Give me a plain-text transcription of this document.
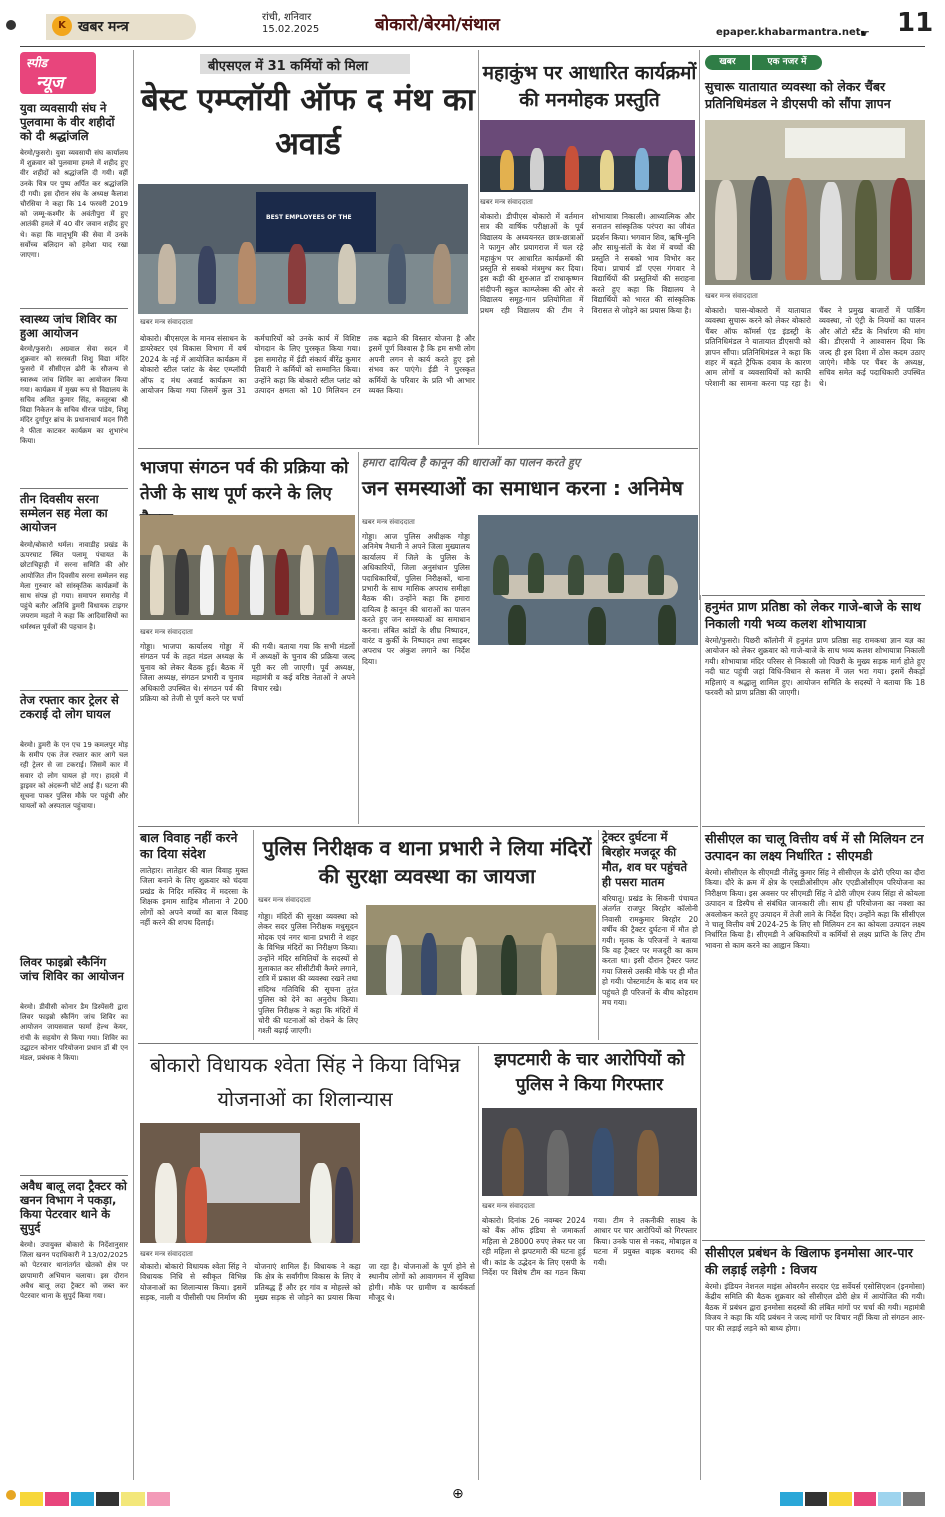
K खबर मन्त्र
रांची, शनिवार
15.02.2025	बोकारो/बेरमो/संथाल	epaper.khabarmantra.net ☛ 11
⊕
स्पीड
न्यूज
युवा व्यवसायी संघ ने पुलवामा के वीर शहीदों को दी श्रद्धांजलि
बेरमो/फुसरो। युवा व्यवसायी संघ कार्यालय में शुक्रवार को पुलवामा हमले में शहीद हुए वीर शहीदों को श्रद्धांजलि दी गयी। वहीं उनके चित्र पर पुष्प अर्पित कर श्रद्धांजलि दी गयी। इस दौरान संघ के अध्यक्ष कैलाश चौरसिया ने कहा कि 14 फरवरी 2019 को जम्मू-कश्मीर के अवंतीपुरा में हुए आतंकी हमले में 40 वीर जवान शहीद हुए थे। कहा कि मातृभूमि की सेवा में उनके सर्वोच्च बलिदान को हमेशा याद रखा जाएगा।
स्वास्थ्य जांच शिविर का हुआ आयोजन
बेरमो/फुसरो। अग्रवाल सेवा सदन में शुक्रवार को सरस्वती शिशु विद्या मंदिर फुसरो में सीसीएल ढोरी के सौजन्य से स्वास्थ्य जांच शिविर का आयोजन किया गया। कार्यक्रम में मुख्य रूप से विद्यालय के सचिव अमित कुमार सिंह, कस्तूरबा श्री विद्या निकेतन के सचिव धीरज पांडेय, शिशु मंदिर दुर्गापुर ब्रांच के प्रधानाचार्य मदन गिरी ने फीता काटकर कार्यक्रम का शुभारंभ किया।
तीन दिवसीय सरना सम्मेलन सह मेला का आयोजन
बेरमो/बोकारो थर्मल। नावाडीह प्रखंड के ऊपरघाट स्थित पलामू पंचायत के छोटाचिट्टाही में सरना समिति की ओर आयोजित तीन दिवसीय सरना सम्मेलन सह मेला गुरुवार को सांस्कृतिक कार्यक्रमों के साथ संपन्न हो गया। समापन समारोह में पहुंचे बतौर अतिथि डुमरी विधायक टाइगर जयराम महतो ने कहा कि आदिवासियों का धर्मस्थल पूर्वजों की पहचान है।
तेज रफ्तार कार ट्रेलर से टकराई दो लोग घायल
बेरमो। डुमरी के एन एच 19 कमलपुर मोड़ के समीप एक तेज रफ्तार कार आगे चल रही ट्रेलर से जा टकराई। जिसमें कार में सवार दो लोग घायल हो गए। हादसे में ड्राइवर को अंदरूनी चोटें आई हैं। घटना की सूचना पाकर पुलिस मौके पर पहुंची और घायलों को अस्पताल पहुंचाया।
लिवर फाइब्रो स्कैनिंग जांच शिविर का आयोजन
बेरमो। डीवीसी कोनार डैम डिस्पेंसरी द्वारा लिवर फाइब्रो स्कैनिंग जांच शिविर का आयोजन जायसवाल फार्मा हेल्थ केयर, रांची के सहयोग से किया गया। शिविर का उद्घाटन कोनार परियोजना प्रधान डॉ बी एन मंडल, प्रबंधक ने किया।
अवैध बालू लदा ट्रैक्टर को खनन विभाग ने पकड़ा, किया पेटरवार थाने के सुपुर्द
बेरमो। उपायुक्त बोकारो के निर्देशानुसार जिला खनन पदाधिकारी ने 13/02/2025 को पेटरवार थानांतर्गत खेतको क्षेत्र पर छापामारी अभियान चलाया। इस दौरान अवैध बालू लदा ट्रैक्टर को जब्त कर पेटरवार थाना के सुपुर्द किया गया।
बीएसएल में 31 कर्मियों को मिला
बेस्ट एम्प्लॉयी ऑफ द मंथ का अवार्ड
BEST EMPLOYEES OF THE
खबर मन्त्र संवाददाता
बोकारो। बीएसएल के मानव संसाधन के डायरेक्टर एवं विकास विभाग में वर्ष 2024 के नई में आयोजित कार्यक्रम में बोकारो स्टील प्लांट के बेस्ट एम्प्लॉयी ऑफ द मंथ अवार्ड कार्यक्रम का आयोजन किया गया जिसमें कुल 31 कर्मचारियों को उनके कार्य में विशिष्ट योगदान के लिए पुरस्कृत किया गया। इस समारोह में ईडी संकार्य बीरेंद्र कुमार तिवारी ने कर्मियों को सम्मानित किया। उन्होंने कहा कि बोकारो स्टील प्लांट को उत्पादन क्षमता को 10 मिलियन टन तक बढ़ाने की विस्तार योजना है और इसमें पूर्ण विश्वास है कि हम सभी लोग अपनी लगन से कार्य करते हुए इसे संभव कर पाएंगे। ईडी ने पुरस्कृत कर्मियों के परिवार के प्रति भी आभार व्यक्त किया।
महाकुंभ पर आधारित कार्यक्रमों की मनमोहक प्रस्तुति
खबर मन्त्र संवाददाता
बोकारो। डीपीएस बोकारो में वर्तमान सत्र की वार्षिक परीक्षाओं के पूर्व विद्यालय के अध्ययनरत छात्र-छात्राओं ने फागुन और प्रयागराज में चल रहे महाकुंभ पर आधारित कार्यक्रमों की प्रस्तुति से सबको मंत्रमुग्ध कर दिया। इस कड़ी की शुरुआत डॉ राधाकृष्णन संदीपनी स्कूल काम्प्लेक्स की ओर से विद्यालय समूह-गान प्रतियोगिता में प्रथम रही विद्यालय की टीम ने शोभायात्रा निकाली। आध्यात्मिक और सनातन सांस्कृतिक परंपरा का जीवंत प्रदर्शन किया। भगवान शिव, ऋषि-मुनि और साधु-संतों के वेश में बच्चों की प्रस्तुति ने सबको भाव विभोर कर दिया। प्राचार्य डॉ एएस गंगवार ने विद्यार्थियों की प्रस्तुतियों की सराहना करते हुए कहा कि विद्यालय ने विद्यार्थियों को भारत की सांस्कृतिक विरासत से जोड़ने का प्रयास किया है।
खबर	एक नजर में
सुचारू यातायात व्यवस्था को लेकर चैंबर प्रतिनिधिमंडल ने डीएसपी को सौंपा ज्ञापन
खबर मन्त्र संवाददाता
बोकारो। चास-बोकारो में यातायात व्यवस्था सुचारू करने को लेकर बोकारो चैंबर ऑफ कॉमर्स एंड इंडस्ट्री के प्रतिनिधिमंडल ने यातायात डीएसपी को ज्ञापन सौंपा। प्रतिनिधिमंडल ने कहा कि शहर में बढ़ते ट्रैफिक दबाव के कारण आम लोगों व व्यवसायियों को काफी परेशानी का सामना करना पड़ रहा है। चैंबर ने प्रमुख बाजारों में पार्किंग व्यवस्था, नो एंट्री के नियमों का पालन और ऑटो स्टैंड के निर्धारण की मांग की। डीएसपी ने आश्वासन दिया कि जल्द ही इस दिशा में ठोस कदम उठाए जाएंगे। मौके पर चैंबर के अध्यक्ष, सचिव समेत कई पदाधिकारी उपस्थित थे।
भाजपा संगठन पर्व की प्रक्रिया को तेजी के साथ पूर्ण करने के लिए
खबर मन्त्र संवाददाता
गोड्डा। भाजपा कार्यालय गोड्डा में संगठन पर्व के तहत मंडल अध्यक्ष के चुनाव को लेकर बैठक हुई। बैठक में जिला अध्यक्ष, संगठन प्रभारी व चुनाव अधिकारी उपस्थित थे। संगठन पर्व की प्रक्रिया को तेजी से पूर्ण करने पर चर्चा की गयी। बताया गया कि सभी मंडलों में अध्यक्षों के चुनाव की प्रक्रिया जल्द पूरी कर ली जाएगी। पूर्व अध्यक्ष, महामंत्री व कई वरिष्ठ नेताओं ने अपने विचार रखे।
हमारा दायित्व है कानून की धाराओं का पालन करते हुए
जन समस्याओं का समाधान करना : अनिमेष
खबर मन्त्र संवाददाता
गोड्डा। आज पुलिस अधीक्षक गोड्डा अनिमेष नैथानी ने अपने जिला मुख्यालय कार्यालय में जिले के पुलिस के अधिकारियों, जिला अनुसंधान पुलिस पदाधिकारियों, पुलिस निरीक्षकों, थाना प्रभारी के साथ मासिक अपराध समीक्षा बैठक की। उन्होंने कहा कि हमारा दायित्व है कानून की धाराओं का पालन करते हुए जन समस्याओं का समाधान करना। लंबित कांडों के शीघ्र निष्पादन, वारंट व कुर्की के निष्पादन तथा साइबर अपराध पर अंकुश लगाने का निर्देश दिया।
हनुमंत प्राण प्रतिष्ठा को लेकर गाजे-बाजे के साथ निकाली गयी भव्य कलश शोभायात्रा
बेरमो/फुसरो। पिछरी कॉलोनी में हनुमंत प्राण प्रतिष्ठा सह रामकथा ज्ञान यज्ञ का आयोजन को लेकर शुक्रवार को गाजे-बाजे के साथ भव्य कलश शोभायात्रा निकाली गयी। शोभायात्रा मंदिर परिसर से निकाली जो पिछरी के मुख्य सड़क मार्ग होते हुए नदी घाट पहुंची जहां विधि-विधान से कलश में जल भरा गया। इसमें सैकड़ों महिलाएं व श्रद्धालु शामिल हुए। आयोजन समिति के सदस्यों ने बताया कि 18 फरवरी को प्राण प्रतिष्ठा की जाएगी।
सीसीएल का चालू वित्तीय वर्ष में सौ मिलियन टन उत्पादन का लक्ष्य निर्धारित : सीएमडी
बेरमो। सीसीएल के सीएमडी नीलेंदु कुमार सिंह ने सीसीएल के ढोरी एरिया का दौरा किया। दौरे के क्रम में क्षेत्र के एसडीओसीएम और एएडीओसीएम परियोजना का निरीक्षण किया। इस अवसर पर सीएमडी सिंह ने ढोरी जीएम रंजय सिंहा से कोयला उत्पादन व डिस्पैच से संबंधित जानकारी ली। साथ ही परियोजना का नक्शा का अवलोकन करते हुए उत्पादन में तेजी लाने के निर्देश दिए। उन्होंने कहा कि सीसीएल ने चालू वित्तीय वर्ष 2024-25 के लिए सौ मिलियन टन का कोयला उत्पादन लक्ष्य निर्धारित किया है। सीएमडी ने अधिकारियों व कर्मियों से लक्ष्य प्राप्ति के लिए टीम भावना से काम करने का आह्वान किया।
सीसीएल प्रबंधन के खिलाफ इनमोसा आर-पार की लड़ाई लड़ेगी : विजय
बेरमो। इंडियन नेशनल माइंस ओवरमैन सरदार एंड सर्वेयर्स एसोसिएशन (इनमोसा) केंद्रीय समिति की बैठक शुक्रवार को सीसीएल ढोरी क्षेत्र में आयोजित की गयी। बैठक में प्रबंधन द्वारा इनमोसा सदस्यों की लंबित मांगों पर चर्चा की गयी। महामंत्री विजय ने कहा कि यदि प्रबंधन ने जल्द मांगों पर विचार नहीं किया तो संगठन आर-पार की लड़ाई लड़ने को बाध्य होगा।
बाल विवाह नहीं करने का दिया संदेश
लातेहार। लातेहार की बाल विवाह मुक्त जिला बनाने के लिए शुक्रवार को चंदवा प्रखंड के निदिर मस्जिद में मदरसा के शिक्षक इमाम साहिब मौलाना ने 200 लोगों को अपने बच्चों का बाल विवाह नहीं करने की शपथ दिलाई।
पुलिस निरीक्षक व थाना प्रभारी ने लिया मंदिरों की सुरक्षा व्यवस्था का जायजा
खबर मन्त्र संवाददाता
गोड्डा। मंदिरों की सुरक्षा व्यवस्था को लेकर सदर पुलिस निरीक्षक मधुसूदन मोदक एवं नगर थाना प्रभारी ने शहर के विभिन्न मंदिरों का निरीक्षण किया। उन्होंने मंदिर समितियों के सदस्यों से मुलाकात कर सीसीटीवी कैमरे लगाने, रात्रि में प्रकाश की व्यवस्था रखने तथा संदिग्ध गतिविधि की सूचना तुरंत पुलिस को देने का अनुरोध किया। पुलिस निरीक्षक ने कहा कि मंदिरों में चोरी की घटनाओं को रोकने के लिए गश्ती बढ़ाई जाएगी।
ट्रेक्टर दुर्घटना में बिरहोर मजदूर की मौत, शव घर पहुंचते ही पसरा मातम
बरियातू। प्रखंड के सिकनी पंचायत अंतर्गत राजपुर बिरहोर कॉलोनी निवासी रामकुमार बिरहोर 20 वर्षीय की ट्रैक्टर दुर्घटना में मौत हो गयी। मृतक के परिजनों ने बताया कि वह ट्रैक्टर पर मजदूरी का काम करता था। इसी दौरान ट्रैक्टर पलट गया जिससे उसकी मौके पर ही मौत हो गयी। पोस्टमार्टम के बाद शव घर पहुंचते ही परिजनों के बीच कोहराम मच गया।
बोकारो विधायक श्वेता सिंह ने किया विभिन्न योजनाओं का शिलान्यास
खबर मन्त्र संवाददाता
बोकारो। बोकारो विधायक श्वेता सिंह ने विधायक निधि से स्वीकृत विभिन्न योजनाओं का शिलान्यास किया। इसमें सड़क, नाली व पीसीसी पथ निर्माण की योजनाएं शामिल हैं। विधायक ने कहा कि क्षेत्र के सर्वांगीण विकास के लिए वे प्रतिबद्ध हैं और हर गांव व मोहल्ले को मुख्य सड़क से जोड़ने का प्रयास किया जा रहा है। योजनाओं के पूर्ण होने से स्थानीय लोगों को आवागमन में सुविधा होगी। मौके पर ग्रामीण व कार्यकर्ता मौजूद थे।
झपटमारी के चार आरोपियों को पुलिस ने किया गिरफ्तार
खबर मन्त्र संवाददाता
बोकारो। दिनांक 26 नवम्बर 2024 को बैंक ऑफ इंडिया से जमाकर्ता महिला से 28000 रुपए लेकर घर जा रही महिला से झपटमारी की घटना हुई थी। कांड के उद्भेदन के लिए एसपी के निर्देश पर विशेष टीम का गठन किया गया। टीम ने तकनीकी साक्ष्य के आधार पर चार आरोपियों को गिरफ्तार किया। उनके पास से नकद, मोबाइल व घटना में प्रयुक्त बाइक बरामद की गयी।
